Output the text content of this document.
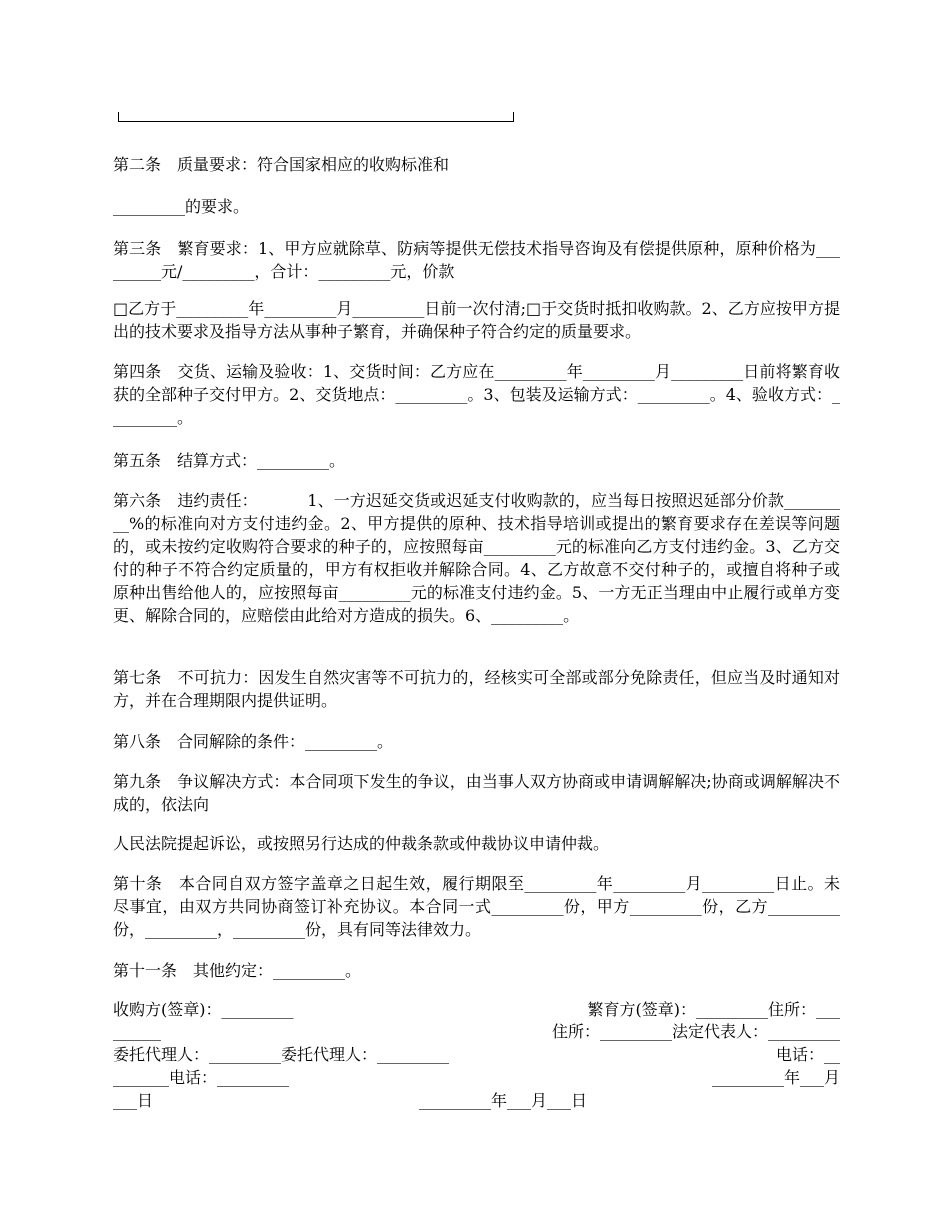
第二条　质量要求：符合国家相应的收购标准和

_________的要求。

第三条　繁育要求：1、甲方应就除草、防病等提供无偿技术指导咨询及有偿提供原种，原种价格为_________元/_________，合计：_________元，价款

□乙方于_________年_________月_________日前一次付清;□于交货时抵扣收购款。2、乙方应按甲方提出的技术要求及指导方法从事种子繁育，并确保种子符合约定的质量要求。

第四条　交货、运输及验收：1、交货时间：乙方应在_________年_________月_________日前将繁育收获的全部种子交付甲方。2、交货地点：_________。3、包装及运输方式：_________。4、验收方式：_________。

第五条　结算方式：_________。

第六条　违约责任：	1、一方迟延交货或迟延支付收购款的，应当每日按照迟延部分价款_________%的标准向对方支付违约金。2、甲方提供的原种、技术指导培训或提出的繁育要求存在差误等问题的，或未按约定收购符合要求的种子的，应按照每亩_________元的标准向乙方支付违约金。3、乙方交付的种子不符合约定质量的，甲方有权拒收并解除合同。4、乙方故意不交付种子的，或擅自将种子或原种出售给他人的，应按照每亩_________元的标准支付违约金。5、一方无正当理由中止履行或单方变更、解除合同的，应赔偿由此给对方造成的损失。6、_________。

第七条　不可抗力：因发生自然灾害等不可抗力的，经核实可全部或部分免除责任，但应当及时通知对方，并在合理期限内提供证明。

第八条　合同解除的条件：_________。

第九条　争议解决方式：本合同项下发生的争议，由当事人双方协商或申请调解解决;协商或调解解决不成的，依法向

人民法院提起诉讼，或按照另行达成的仲裁条款或仲裁协议申请仲裁。

第十条　本合同自双方签字盖章之日起生效，履行期限至_________年_________月_________日止。未尽事宜，由双方共同协商签订补充协议。本合同一式_________份，甲方_________份，乙方_________份，_________，_________份，具有同等法律效力。

第十一条　其他约定：_________。

收购方(签章)：_________	繁育方(签章)：_________住所：___
______	住所：_________法定代表人：_________
委托代理人：_________委托代理人：_________	电话：__
_______电话：_________	_________年___月
___日	_________年___月___日
